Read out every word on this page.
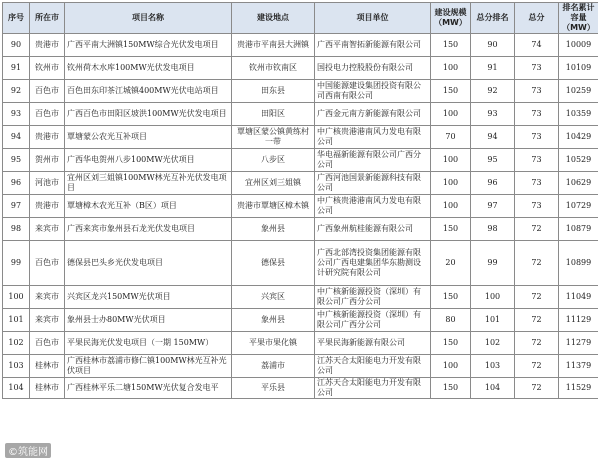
序号	所在市	项目名称	建设地点	项目单位	建设规模（MW）	总分排名	总分	排名累计容量（MW）
90	贵港市	广西平南大洲镇150MW综合光伏发电项目	贵港市平南县大洲镇	广西平南智拓新能源有限公司	150	90	74	10009
91	钦州市	钦州荷木水库100MW光伏发电项目	钦州市钦南区	国投电力控股股份有限公司	100	91	73	10109
92	百色市	百色田东印茶江城镇400MW光伏电站项目	田东县	中国能源建设集团投资有限公司西南有限公司	150	92	73	10259
93	百色市	广西百色市田阳区坡洪100MW光伏发电项目	田阳区	广西金元南方新能源有限公司	100	93	73	10359
94	贵港市	覃塘蒙公农光互补项目	覃塘区蒙公镇黄练村一带	中广核贵港港南风力发电有限公司	70	94	73	10429
95	贺州市	广西华电贺州八步100MW光伏项目	八步区	华电福新能源有限公司广西分公司	100	95	73	10529
96	河池市	宜州区刘三姐镇100MW林光互补光伏发电项目	宜州区刘三姐镇	广西河池国景新能源科技有限公司	100	96	73	10629
97	贵港市	覃塘樟木农光互补（B区）项目	贵港市覃塘区樟木镇	中广核贵港港南风力发电有限公司	100	97	73	10729
98	来宾市	广西来宾市象州县石龙光伏发电项目	象州县	广西象州航桂能源有限公司	150	98	72	10879
99	百色市	德保县巴头乡光伏发电项目	德保县	广西北部湾投资集团能源有限公司广西电建集团华东勘测设计研究院有限公司	20	99	72	10899
100	来宾市	兴宾区龙兴150MW光伏项目	兴宾区	中广核新能源投资（深圳）有限公司广西分公司	150	100	72	11049
101	来宾市	象州县士办80MW光伏项目	象州县	中广核新能源投资（深圳）有限公司广西分公司	80	101	72	11129
102	百色市	平果民海光伏发电项目（一期 150MW）	平果市果化镇	平果民海新能源有限公司	150	102	72	11279
103	桂林市	广西桂林市荔浦市修仁镇100MW林光互补光伏项目	荔浦市	江苏天合太阳能电力开发有限公司	100	103	72	11379
104	桂林市	广西桂林平乐二塘150MW光伏复合发电平	平乐县	江苏天合太阳能电力开发有限公司	150	104	72	11529
©筑能网
